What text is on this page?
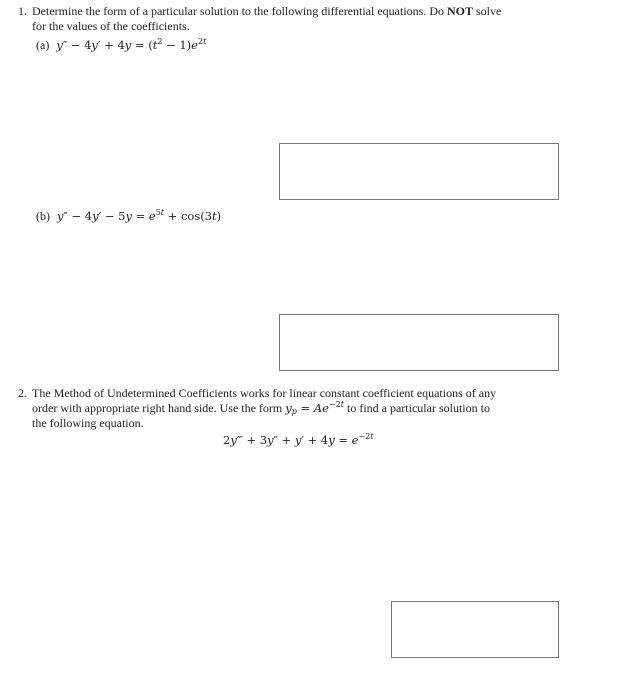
1. Determine the form of a particular solution to the following differential equations. Do NOT solve
for the values of the coefficients.
(a) $y'' - 4y' + 4y = (t^2 - 1)e^{2t}$
(b) $y'' - 4y' - 5y = e^{5t} + \cos(3t)$
2. The Method of Undetermined Coefficients works for linear constant coefficient equations of any
order with appropriate right hand side. Use the form $y_p = Ae^{-2t}$ to find a particular solution to
the following equation.
2y‴ + $3y'' + y' + 4y = e^{-2t}$
